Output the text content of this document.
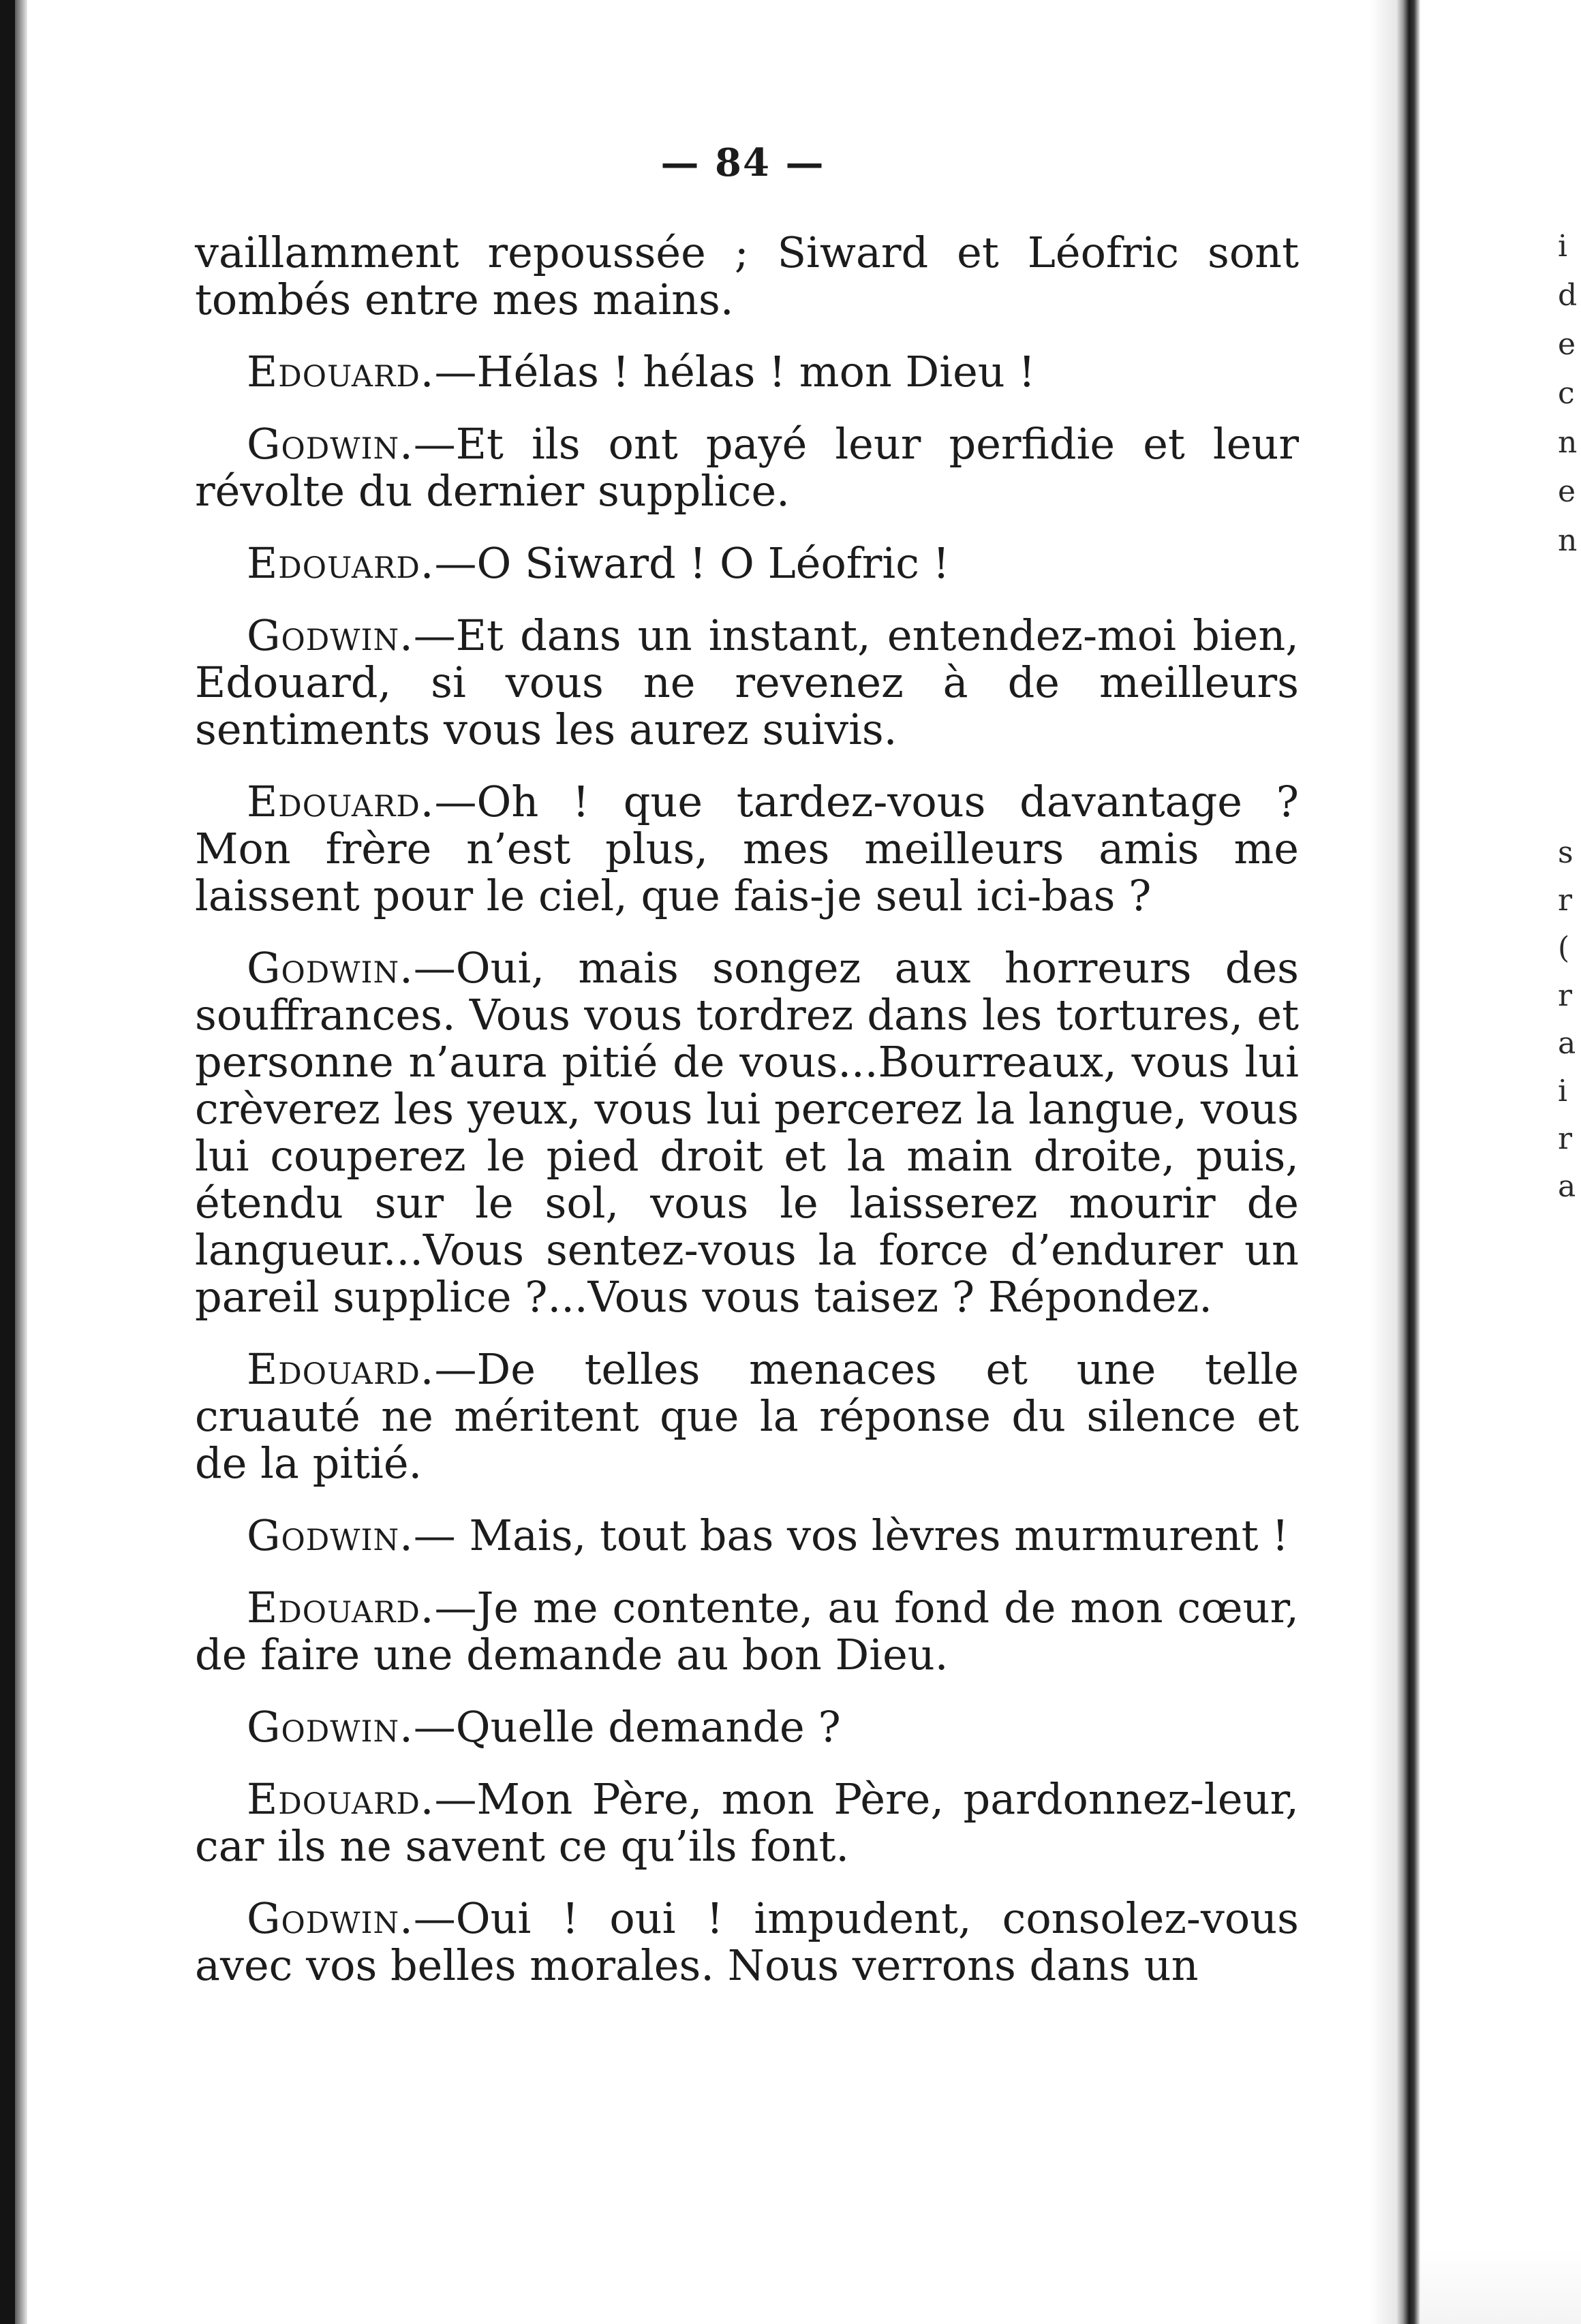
i
d
e
c
n
e
n
s
r
(
r
a
i
r
a
— 84 —

vaillamment repoussée ; Siward et Léofric sont tombés entre mes mains.

Edouard.—Hélas ! hélas ! mon Dieu !

Godwin.—Et ils ont payé leur perfidie et leur révolte du dernier supplice.

Edouard.—O Siward ! O Léofric !

Godwin.—Et dans un instant, entendez-moi bien, Edouard, si vous ne revenez à de meilleurs sentiments vous les aurez suivis.

Edouard.—Oh ! que tardez-vous davantage ? Mon frère n’est plus, mes meilleurs amis me laissent pour le ciel, que fais-je seul ici-bas ?

Godwin.—Oui, mais songez aux horreurs des souffrances. Vous vous tordrez dans les tortures, et personne n’aura pitié de vous...Bourreaux, vous lui crèverez les yeux, vous lui percerez la langue, vous lui couperez le pied droit et la main droite, puis, étendu sur le sol, vous le laisserez mourir de langueur...Vous sentez-vous la force d’endurer un pareil supplice ?...Vous vous taisez ? Répondez.

Edouard.—De telles menaces et une telle cruauté ne méritent que la réponse du silence et de la pitié.

Godwin.— Mais, tout bas vos lèvres murmurent !

Edouard.—Je me contente, au fond de mon cœur, de faire une demande au bon Dieu.

Godwin.—Quelle demande ?

Edouard.—Mon Père, mon Père, pardonnez-leur, car ils ne savent ce qu’ils font.

Godwin.—Oui ! oui ! impudent, consolez-vous avec vos belles morales. Nous verrons dans un
